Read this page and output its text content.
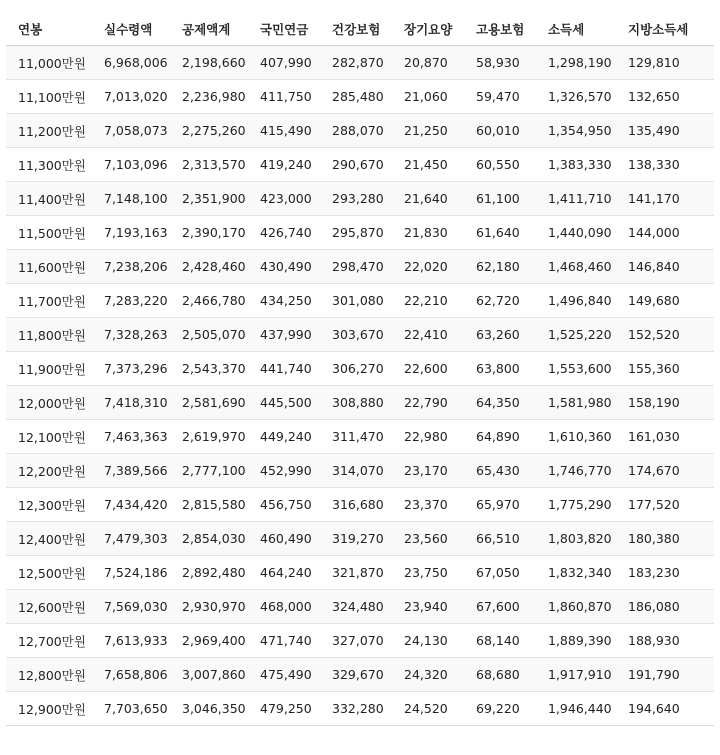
연봉	실수령액	공제액계	국민연금	건강보험	장기요양	고용보험	소득세	지방소득세
11,000만원	6,968,006	2,198,660	407,990	282,870	20,870	58,930	1,298,190	129,810
11,100만원	7,013,020	2,236,980	411,750	285,480	21,060	59,470	1,326,570	132,650
11,200만원	7,058,073	2,275,260	415,490	288,070	21,250	60,010	1,354,950	135,490
11,300만원	7,103,096	2,313,570	419,240	290,670	21,450	60,550	1,383,330	138,330
11,400만원	7,148,100	2,351,900	423,000	293,280	21,640	61,100	1,411,710	141,170
11,500만원	7,193,163	2,390,170	426,740	295,870	21,830	61,640	1,440,090	144,000
11,600만원	7,238,206	2,428,460	430,490	298,470	22,020	62,180	1,468,460	146,840
11,700만원	7,283,220	2,466,780	434,250	301,080	22,210	62,720	1,496,840	149,680
11,800만원	7,328,263	2,505,070	437,990	303,670	22,410	63,260	1,525,220	152,520
11,900만원	7,373,296	2,543,370	441,740	306,270	22,600	63,800	1,553,600	155,360
12,000만원	7,418,310	2,581,690	445,500	308,880	22,790	64,350	1,581,980	158,190
12,100만원	7,463,363	2,619,970	449,240	311,470	22,980	64,890	1,610,360	161,030
12,200만원	7,389,566	2,777,100	452,990	314,070	23,170	65,430	1,746,770	174,670
12,300만원	7,434,420	2,815,580	456,750	316,680	23,370	65,970	1,775,290	177,520
12,400만원	7,479,303	2,854,030	460,490	319,270	23,560	66,510	1,803,820	180,380
12,500만원	7,524,186	2,892,480	464,240	321,870	23,750	67,050	1,832,340	183,230
12,600만원	7,569,030	2,930,970	468,000	324,480	23,940	67,600	1,860,870	186,080
12,700만원	7,613,933	2,969,400	471,740	327,070	24,130	68,140	1,889,390	188,930
12,800만원	7,658,806	3,007,860	475,490	329,670	24,320	68,680	1,917,910	191,790
12,900만원	7,703,650	3,046,350	479,250	332,280	24,520	69,220	1,946,440	194,640
